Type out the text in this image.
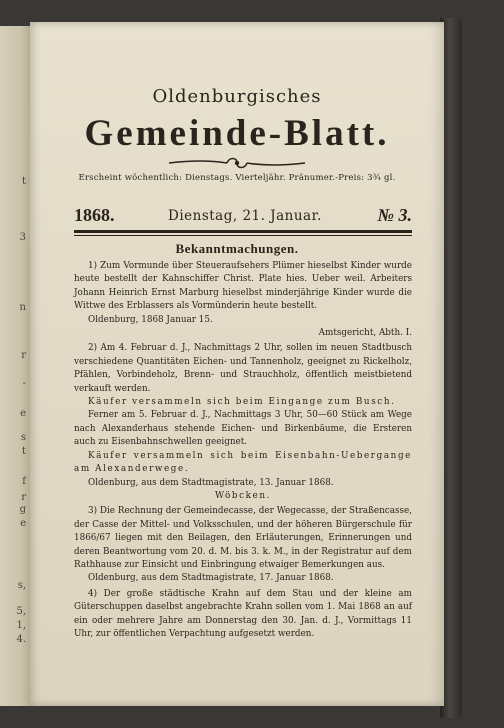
t
3
n
r
-
e
s
t
f
r
g
e
s,
5,
1,
4.
Oldenburgisches
Gemeinde-Blatt.
Erscheint wöchentlich: Dienstags. Vierteljähr. Pränumer.-Preis: 3¾ gl.
1868.	Dienstag, 21. Januar.	№ 3.
Bekanntmachungen.

1) Zum Vormunde über Steueraufsehers Plümer hieselbst Kinder wurde heute bestellt der Kahnschiffer Christ. Plate hies. Ueber weil. Arbeiters Johann Heinrich Ernst Marburg hieselbst minderjährige Kinder wurde die Wittwe des Erblassers als Vormünderin heute bestellt.

Oldenburg, 1868 Januar 15.

Amtsgericht, Abth. I.

2) Am 4. Februar d. J., Nachmittags 2 Uhr, sollen im neuen Stadtbusch verschiedene Quantitäten Eichen- und Tannenholz, geeignet zu Rickelholz, Pfählen, Vorbindeholz, Brenn- und Strauchholz, öffentlich meistbietend verkauft werden.

Käufer versammeln sich beim Eingange zum Busch.

Ferner am 5. Februar d. J., Nachmittags 3 Uhr, 50—60 Stück am Wege nach Alexanderhaus stehende Eichen- und Birkenbäume, die Ersteren auch zu Eisenbahnschwellen geeignet.

Käufer versammeln sich beim Eisenbahn-Uebergange am Alexanderwege.

Oldenburg, aus dem Stadtmagistrate, 13. Januar 1868.

Wöbcken.

3) Die Rechnung der Gemeindecasse, der Wegecasse, der Straßencasse, der Casse der Mittel- und Volksschulen, und der höheren Bürgerschule für 1866/67 liegen mit den Beilagen, den Erläuterungen, Erinnerungen und deren Beantwortung vom 20. d. M. bis 3. k. M., in der Registratur auf dem Rathhause zur Einsicht und Einbringung etwaiger Bemerkungen aus.

Oldenburg, aus dem Stadtmagistrate, 17. Januar 1868.

4) Der große städtische Krahn auf dem Stau und der kleine am Güterschuppen daselbst angebrachte Krahn sollen vom 1. Mai 1868 an auf ein oder mehrere Jahre am Donnerstag den 30. Jan. d. J., Vormittags 11 Uhr, zur öffentlichen Verpachtung aufgesetzt werden.
